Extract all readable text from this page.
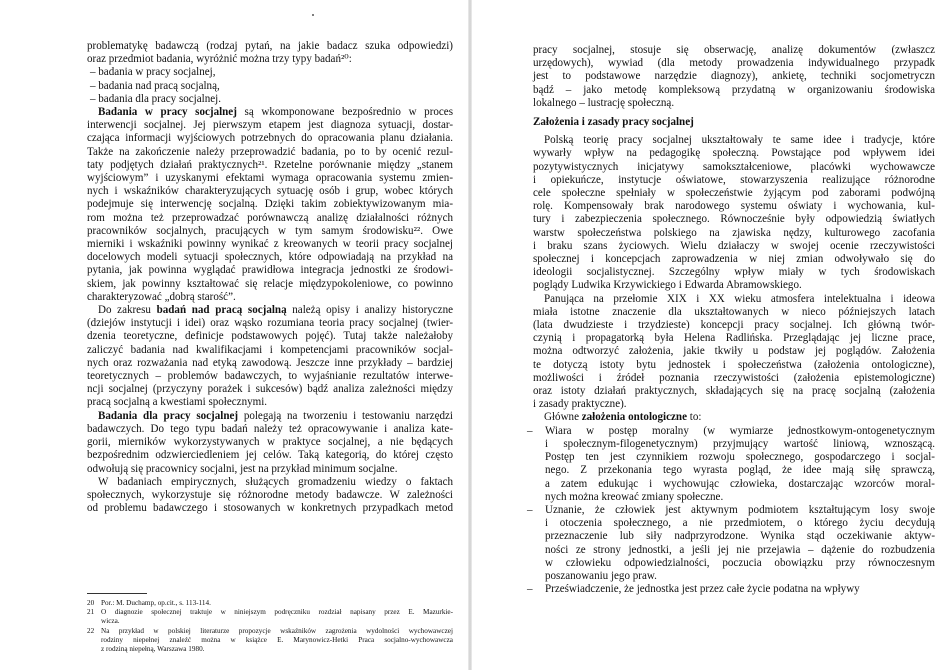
problematykę badawczą (rodzaj pytań, na jakie badacz szuka odpowiedzi)
oraz przedmiot badania, wyróżnić można trzy typy badań²⁰:
– badania w pracy socjalnej,
– badania nad pracą socjalną,
– badania dla pracy socjalnej.
Badania w pracy socjalnej są wkomponowane bezpośrednio w proces
interwencji socjalnej. Jej pierwszym etapem jest diagnoza sytuacji, dostar-
czająca informacji wyjściowych potrzebnych do opracowania planu działania.
Także na zakończenie należy przeprowadzić badania, po to by ocenić rezul-
taty podjętych działań praktycznych²¹. Rzetelne porównanie między „stanem
wyjściowym” i uzyskanymi efektami wymaga opracowania systemu zmien-
nych i wskaźników charakteryzujących sytuację osób i grup, wobec których
podejmuje się interwencję socjalną. Dzięki takim zobiektywizowanym mia-
rom można też przeprowadzać porównawczą analizę działalności różnych
pracowników socjalnych, pracujących w tym samym środowisku²². Owe
mierniki i wskaźniki powinny wynikać z kreowanych w teorii pracy socjalnej
docelowych modeli sytuacji społecznych, które odpowiadają na przykład na
pytania, jak powinna wyglądać prawidłowa integracja jednostki ze środowi-
skiem, jak powinny kształtować się relacje międzypokoleniowe, co powinno
charakteryzować „dobrą starość”.
Do zakresu badań nad pracą socjalną należą opisy i analizy historyczne
(dziejów instytucji i idei) oraz wąsko rozumiana teoria pracy socjalnej (twier-
dzenia teoretyczne, definicje podstawowych pojęć). Tutaj także należałoby
zaliczyć badania nad kwalifikacjami i kompetencjami pracowników socjal-
nych oraz rozważania nad etyką zawodową. Jeszcze inne przykłady – bardziej
teoretycznych – problemów badawczych, to wyjaśnianie rezultatów interwe-
ncji socjalnej (przyczyny porażek i sukcesów) bądź analiza zależności między
pracą socjalną a kwestiami społecznymi.
Badania dla pracy socjalnej polegają na tworzeniu i testowaniu narzędzi
badawczych. Do tego typu badań należy też opracowywanie i analiza kate-
gorii, mierników wykorzystywanych w praktyce socjalnej, a nie będących
bezpośrednim odzwierciedleniem jej celów. Taką kategorią, do której często
odwołują się pracownicy socjalni, jest na przykład minimum socjalne.
W badaniach empirycznych, służących gromadzeniu wiedzy o faktach
społecznych, wykorzystuje się różnorodne metody badawcze. W zależności
od problemu badawczego i stosowanych w konkretnych przypadkach metod
20 Por.: M. Duchamp, op.cit., s. 113-114.
21 O diagnozie społecznej traktuje w niniejszym podręczniku rozdział napisany przez E. Mazurkie-
wicza.
22 Na przykład w polskiej literaturze propozycje wskaźników zagrożenia wydolności wychowawczej
rodziny niepełnej znaleźć można w książce E. Marynowicz-Hetki Praca socjalno-wychowawcza
z rodziną niepełną, Warszawa 1980.
pracy socjalnej, stosuje się obserwację, analizę dokumentów (zwłaszcz
urzędowych), wywiad (dla metody prowadzenia indywidualnego przypadk
jest to podstawowe narzędzie diagnozy), ankietę, techniki socjometryczn
bądź – jako metodę kompleksową przydatną w organizowaniu środowiska
lokalnego – lustrację społeczną.
Założenia i zasady pracy socjalnej
Polską teorię pracy socjalnej ukształtowały te same idee i tradycje, które
wywarły wpływ na pedagogikę społeczną. Powstające pod wpływem idei
pozytywistycznych inicjatywy samokształceniowe, placówki wychowawcze
i opiekuńcze, instytucje oświatowe, stowarzyszenia realizujące różnorodne
cele społeczne spełniały w społeczeństwie żyjącym pod zaborami podwójną
rolę. Kompensowały brak narodowego systemu oświaty i wychowania, kul-
tury i zabezpieczenia społecznego. Równocześnie były odpowiedzią światłych
warstw społeczeństwa polskiego na zjawiska nędzy, kulturowego zacofania
i braku szans życiowych. Wielu działaczy w swojej ocenie rzeczywistości
społecznej i koncepcjach zaprowadzenia w niej zmian odwoływało się do
ideologii socjalistycznej. Szczególny wpływ miały w tych środowiskach
poglądy Ludwika Krzywickiego i Edwarda Abramowskiego.
Panująca na przełomie XIX i XX wieku atmosfera intelektualna i ideowa
miała istotne znaczenie dla ukształtowanych w nieco późniejszych latach
(lata dwudzieste i trzydzieste) koncepcji pracy socjalnej. Ich główną twór-
czynią i propagatorką była Helena Radlińska. Przeglądając jej liczne prace,
można odtworzyć założenia, jakie tkwiły u podstaw jej poglądów. Założenia
te dotyczą istoty bytu jednostek i społeczeństwa (założenia ontologiczne),
możliwości i źródeł poznania rzeczywistości (założenia epistemologiczne)
oraz istoty działań praktycznych, składających się na pracę socjalną (założenia
i zasady praktyczne).
Główne założenia ontologiczne to:
– Wiara w postęp moralny (w wymiarze jednostkowym-ontogenetycznym
i społecznym-filogenetycznym) przyjmujący wartość liniową, wznoszącą.
Postęp ten jest czynnikiem rozwoju społecznego, gospodarczego i socjal-
nego. Z przekonania tego wyrasta pogląd, że idee mają siłę sprawczą,
a zatem edukując i wychowując człowieka, dostarczając wzorców moral-
nych można kreować zmiany społeczne.
– Uznanie, że człowiek jest aktywnym podmiotem kształtującym losy swoje
i otoczenia społecznego, a nie przedmiotem, o którego życiu decydują
przeznaczenie lub siły nadprzyrodzone. Wynika stąd oczekiwanie aktyw-
ności ze strony jednostki, a jeśli jej nie przejawia – dążenie do rozbudzenia
w człowieku odpowiedzialności, poczucia obowiązku przy równoczesnym
poszanowaniu jego praw.
– Przeświadczenie, że jednostka jest przez całe życie podatna na wpływy
